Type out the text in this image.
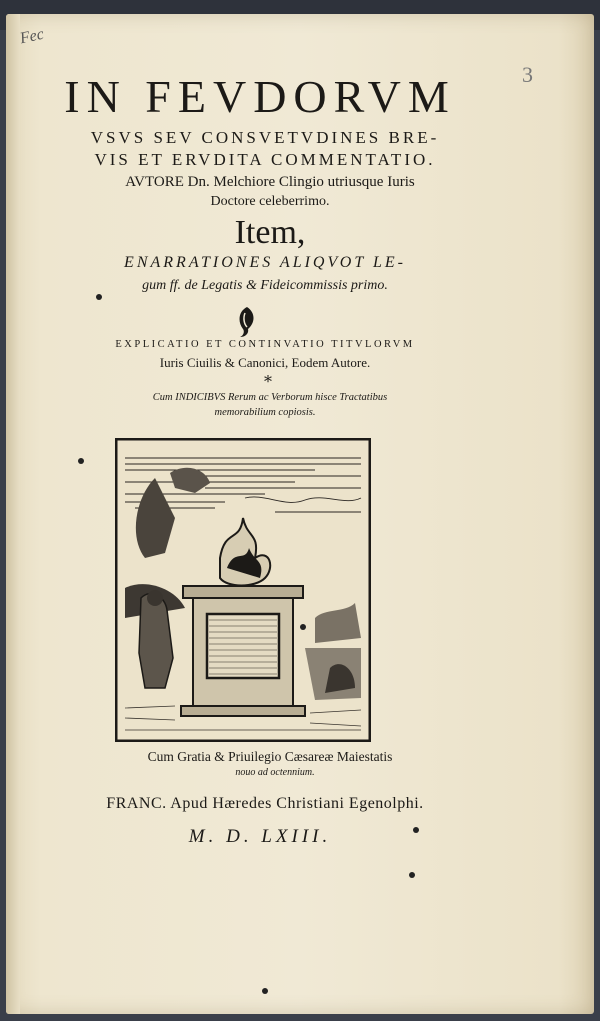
Fec
3
IN FEVDORVM
VSVS SEV CONSVETVDINES BRE-
VIS ET ERVDITA COMMENTATIO.
AVTORE Dn. Melchiore Clingio utriusque Iuris
Doctore celeberrimo.
Item,
ENARRATIONES ALIQVOT LE-
gum ff. de Legatis & Fideicommissis primo.
EXPLICATIO ET CONTINVATIO TITVLORVM
Iuris Ciuilis & Canonici, Eodem Autore.
*
Cum INDICIBVS Rerum ac Verborum hisce Tractatibus
memorabilium copiosis.
Cum Gratia & Priuilegio Cæsareæ Maiestatis
nouo ad octennium.
FRANC. Apud Hæredes Christiani Egenolphi.
M. D. LXIII.
